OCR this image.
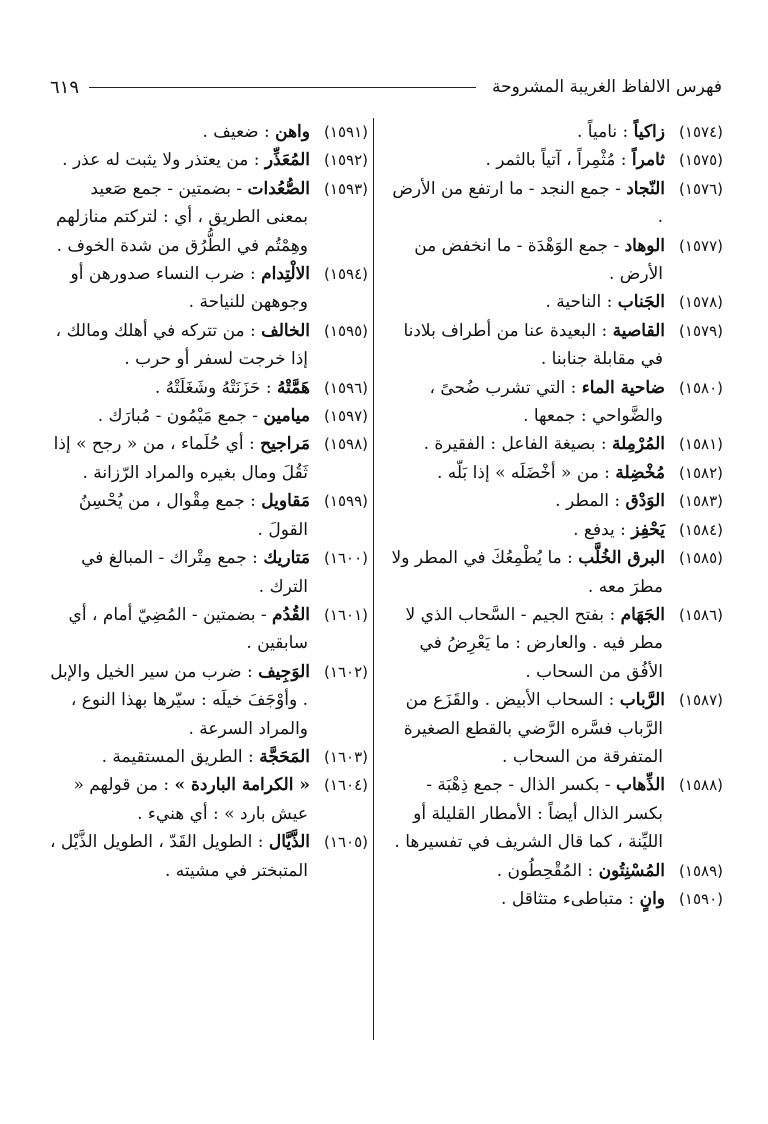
فهرس الالفاظ الغريبة المشروحة
٦١٩

(١٥٧٤)زاكياً : نامياً .

(١٥٧٥)ثامراً : مُثْمِراً ، آتياً بالثمر .

(١٥٧٦)النّجاد - جمع النجد - ما ارتفع من الأرض .

(١٥٧٧)الوهاد - جمع الوَهْدَة - ما انخفض من الأرض .

(١٥٧٨)الجَناب : الناحية .

(١٥٧٩)القاصية : البعيدة عنا من أطراف بلادنا في مقابلة جنابنا .

(١٥٨٠)ضاحية الماء : التي تشرب ضُحىً ، والضَّواحي : جمعها .

(١٥٨١)المُرْمِلة : بصيغة الفاعل : الفقيرة .

(١٥٨٢)مُخْضِلة : من « أخْضَلَه » إذا بَلّه .

(١٥٨٣)الوَدْق : المطر .

(١٥٨٤)يَحْفِز : يدفع .

(١٥٨٥)البرق الخُلَّب : ما يُطْمِعُكَ في المطر ولا مطرَ معه .

(١٥٨٦)الجَهَام : بفتح الجيم - السَّحاب الذي لا مطر فيه . والعارض : ما يَعْرِضُ في الأفُق من السحاب .

(١٥٨٧)الرَّباب : السحاب الأبيض . والقَزَع من الرَّباب فسَّره الرَّضي بالقطع الصغيرة المتفرقة من السحاب .

(١٥٨٨)الذِّهاب - بكسر الذال - جمع ذِهْبَة - بكسر الذال أيضاً : الأمطار القليلة أو الليِّنة ، كما قال الشريف في تفسيرها .

(١٥٨٩)المُسْنِتُون : المُقْحِطُون .

(١٥٩٠)وانٍ : متباطىء متثاقل .

(١٥٩١)واهن : ضعيف .

(١٥٩٢)المُعَذِّر : من يعتذر ولا يثبت له عذر .

(١٥٩٣)الصُّعُدات - بضمتين - جمع صَعيد بمعنى الطريق ، أي : لتركتم منازلهم وهِمْتُم في الطُّرُق من شدة الخوف .

(١٥٩٤)الالْتِدام : ضرب النساء صدورهن أو وجوههن للنياحة .

(١٥٩٥)الخالف : من تتركه في أهلك ومالك ، إذا خرجت لسفر أو حرب .

(١٥٩٦)هَمَّتْهُ : حَزَنَتْهُ وشَغَلَتْهُ .

(١٥٩٧)ميامين - جمع مَيْمُون - مُبارَك .

(١٥٩٨)مَراجيح : أي حُلَماء ، من « رجح » إذا ثَقُلَ ومال بغيره والمراد الرّزانة .

(١٥٩٩)مَقاويل : جمع مِقْوال ، من يُحْسِنُ القولَ .

(١٦٠٠)مَتاريك : جمع مِتْراك - المبالغ في الترك .

(١٦٠١)القُدُم - بضمتين - المُضِيّ أمام ، أي سابقين .

(١٦٠٢)الوَجِيف : ضرب من سير الخيل والإبل . وأوْجَفَ خيلَه : سيّرها بهذا النوع ، والمراد السرعة .

(١٦٠٣)المَحَجَّة : الطريق المستقيمة .

(١٦٠٤)« الكرامة الباردة » : من قولهم « عيش بارد » : أي هنيء .

(١٦٠٥)الذَّيَّال : الطويل القَدّ ، الطويل الذَّيْل ، المتبختر في مشيته .
